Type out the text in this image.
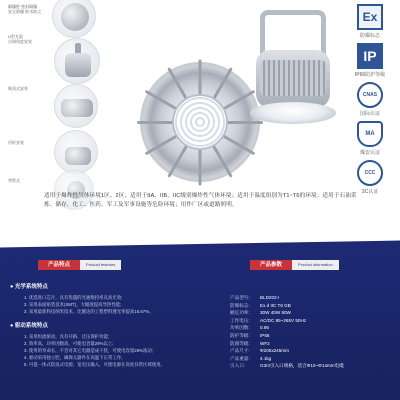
隔爆腔 密封隔爆
安全防爆 防水防尘
U型支架
自调角度安装
吸顶式安装
吊杆安装
弯管式
Ex
防爆标志
IP
IP66防护等级
CNAS
国际认证
MA
煤安认证
CCC
3C认证
适用于爆炸性气体环境1区、2区；适用于IIA、IIB、IIC级别爆炸性气体环境；适用于温度组别为T1~T6的环境；适用于石油采炼、储存、化工、医药、军工及军事设施等危险环境；用作厂区或道路照明。
产品特点	Product features	产品参数	Product information
● 光学系统特点
1. 优选进口芯片，具有优越的光通维持率及高光效;
2. 采用表面贴装技术(SMT)，大幅度提高导热性能;
3. 采用最新科技纳米技术，比隆达的工程塑料透光率提高16.67%。
● 驱动系统特点
1. 采用恒流驱动，具有开路、过压保护功能;
2. 效率高、功率因数高，可使电容量29%以上;
3. 使用的寿命长，不会对其它电器造成干扰，可使电容量29%波动;
4. 驱动采用独立腔，确保元器件在高温下正常工作;
5. 可提一体式防浪式电源，宽电压输入，可使电源在高度异常区域使用。
产品型号:	BLD202-I
防爆标志:	Ex d IIC T6 GB
额定功率:	30W 40W 50W
工作电压:	AC/DC 85~265V 50Hz
功率因数:	0.95
防护等级:	IP66
防腐等级:	WF2
产品尺寸:	Φ205x245mm
产品重量:	4.1kg
引入口:	G3/4引入口规格，适合Φ10~Φ14mm电缆
